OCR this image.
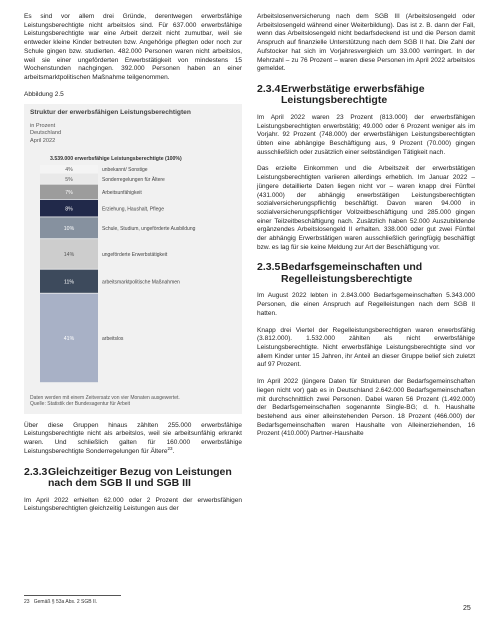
Es sind vor allem drei Gründe, derentwegen erwerbsfähige Leistungsberechtigte nicht arbeitslos sind. Für 637.000 erwerbsfähige Leistungsberechtigte war eine Arbeit derzeit nicht zumutbar, weil sie entweder kleine Kinder betreuten bzw. Angehörige pflegten oder noch zur Schule gingen bzw. studierten. 482.000 Personen waren nicht arbeitslos, weil sie einer ungeförderten Erwerbstätigkeit von mindestens 15 Wochenstunden nachgingen. 392.000 Personen haben an einer arbeitsmarktpolitischen Maßnahme teilgenommen.

Abbildung 2.5

Struktur der erwerbsfähigen Leistungsberechtigten

in Prozent

Deutschland

April 2022

3.539.000 erwerbsfähige Leistungsberechtigte (100%)
4%	unbekannt/ Sonstige
5%	Sonderregelungen für Ältere
7%	Arbeitsunfähigkeit
8%	Erziehung, Haushalt, Pflege
10%	Schule, Studium, ungeförderte Ausbildung
14%	ungeförderte Erwerbstätigkeit
11%	arbeitsmarktpolitische Maßnahmen
41%	arbeitslos
Daten werden mit einem Zeitversatz von vier Monaten ausgewertet.
Quelle: Statistik der Bundesagentur für Arbeit

Über diese Gruppen hinaus zählten 255.000 erwerbsfähige Leistungsberechtigte nicht als arbeitslos, weil sie arbeitsunfähig erkrankt waren. Und schließlich galten für 160.000 erwerbsfähige Leistungsberechtigte Sonderregelungen für Ältere$^{23}$.

2.3.3 Gleichzeitiger Bezug von Leistungen nach dem SGB II und SGB III

Im April 2022 erhielten 62.000 oder 2 Prozent der erwerbsfähigen Leistungsberechtigten gleichzeitig Leistungen aus der

Arbeitslosenversicherung nach dem SGB III (Arbeitslosengeld oder Arbeitslosengeld während einer Weiterbildung). Das ist z. B. dann der Fall, wenn das Arbeitslosengeld nicht bedarfsdeckend ist und die Person damit Anspruch auf finanzielle Unterstützung nach dem SGB II hat. Die Zahl der Aufstocker hat sich im Vorjahresvergleich um 33.000 verringert. In der Mehrzahl – zu 76 Prozent – waren diese Personen im April 2022 arbeitslos gemeldet.

2.3.4 Erwerbstätige erwerbsfähige Leistungsberechtigte

Im April 2022 waren 23 Prozent (813.000) der erwerbsfähigen Leistungsberechtigten erwerbstätig; 49.000 oder 6 Prozent weniger als im Vorjahr. 92 Prozent (748.000) der erwerbsfähigen Leistungsberechtigten übten eine abhängige Beschäftigung aus, 9 Prozent (70.000) gingen ausschließlich oder zusätzlich einer selbständigen Tätigkeit nach.

Das erzielte Einkommen und die Arbeitszeit der erwerbstätigen Leistungsberechtigten variieren allerdings erheblich. Im Januar 2022 – jüngere detaillierte Daten liegen nicht vor – waren knapp drei Fünftel (431.000) der abhängig erwerbstätigen Leistungsberechtigten sozialversicherungspflichtig beschäftigt. Davon waren 94.000 in sozialversicherungspflichtiger Vollzeitbeschäftigung und 285.000 gingen einer Teilzeitbeschäftigung nach. Zusätzlich haben 52.000 Auszubildende ergänzendes Arbeitslosengeld II erhalten. 338.000 oder gut zwei Fünftel der abhängig Erwerbstätigen waren ausschließlich geringfügig beschäftigt bzw. es lag für sie keine Meldung zur Art der Beschäftigung vor.

2.3.5 Bedarfsgemeinschaften und Regelleistungsberechtigte

Im August 2022 lebten in 2.843.000 Bedarfsgemeinschaften 5.343.000 Personen, die einen Anspruch auf Regelleistungen nach dem SGB II hatten.

Knapp drei Viertel der Regelleistungsberechtigten waren erwerbsfähig (3.812.000). 1.532.000 zählten als nicht erwerbsfähige Leistungsberechtigte. Nicht erwerbsfähige Leistungsberechtigte sind vor allem Kinder unter 15 Jahren, ihr Anteil an dieser Gruppe belief sich zuletzt auf 97 Prozent.

Im April 2022 (jüngere Daten für Strukturen der Bedarfsgemeinschaften liegen nicht vor) gab es in Deutschland 2.642.000 Bedarfsgemeinschaften mit durchschnittlich zwei Personen. Dabei waren 56 Prozent (1.492.000) der Bedarfsgemeinschaften sogenannte Single-BG; d. h. Haushalte bestehend aus einer alleinstehenden Person. 18 Prozent (466.000) der Bedarfsgemeinschaften waren Haushalte von Alleinerziehenden, 16 Prozent (410.000) Partner-Haushalte

23 Gemäß § 53a Abs. 2 SGB II.
25
